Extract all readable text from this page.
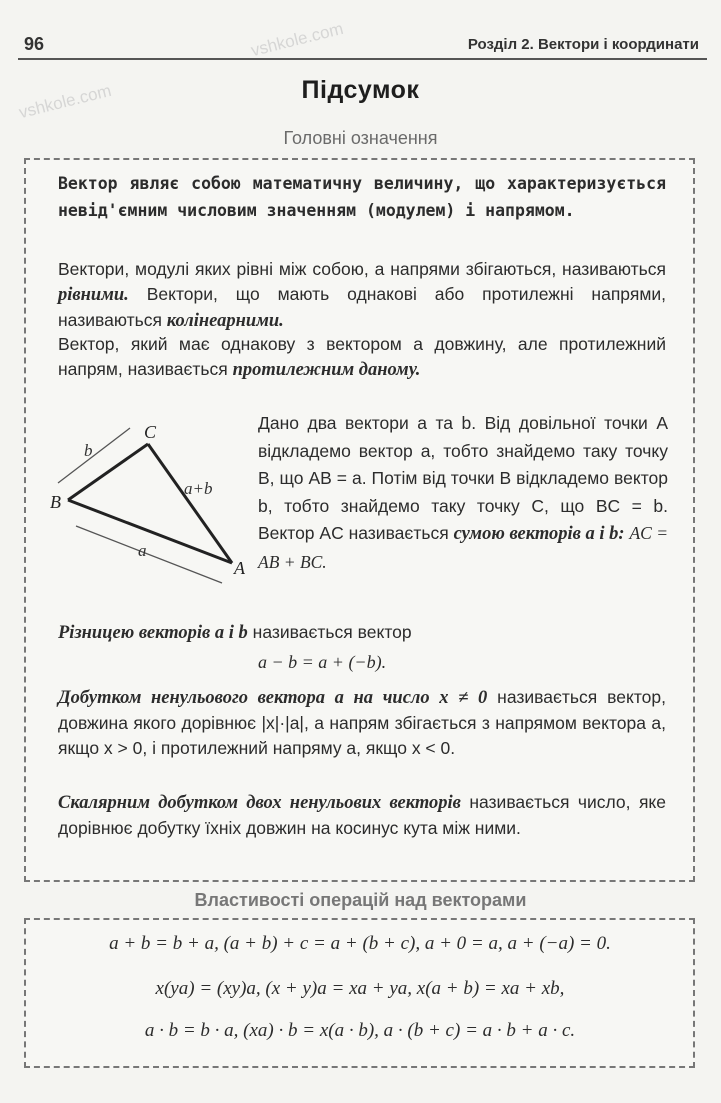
vshkole.com
vshkole.com
96	Розділ 2. Вектори і координати
Підсумок
Головні означення
Вектор являє собою математичну величину, що характеризується невід'ємним числовим значенням (модулем) і напрямом.
Вектори, модулі яких рівні між собою, а напрями збігаються, називаються рівними. Вектори, що мають однакові або протилежні напрями, називаються колінеарними.
Вектор, який має однакову з вектором a довжину, але протилежний напрям, називається протилежним даному.
C
B
A
b
a+b
a
Дано два вектори a та b. Від довільної точки A відкладемо вектор a, тобто знайдемо таку точку B, що AB = a. Потім від точки B відкладемо вектор b, тобто знайдемо таку точку C, що BC = b. Вектор AC називається сумою векторів a і b: AC = AB + BC.
Різницею векторів a і b називається вектор
a − b = a + (−b).
Добутком ненульового вектора a на число x ≠ 0 називається вектор, довжина якого дорівнює |x|·|a|, а напрям збігається з напрямом вектора a, якщо x > 0, і протилежний напряму a, якщо x < 0.
Скалярним добутком двох ненульових векторів називається число, яке дорівнює добутку їхніх довжин на косинус кута між ними.
Властивості операцій над векторами
a + b = b + a, (a + b) + c = a + (b + c), a + 0 = a, a + (−a) = 0.
x(ya) = (xy)a, (x + y)a = xa + ya, x(a + b) = xa + xb,
a · b = b · a, (xa) · b = x(a · b), a · (b + c) = a · b + a · c.
